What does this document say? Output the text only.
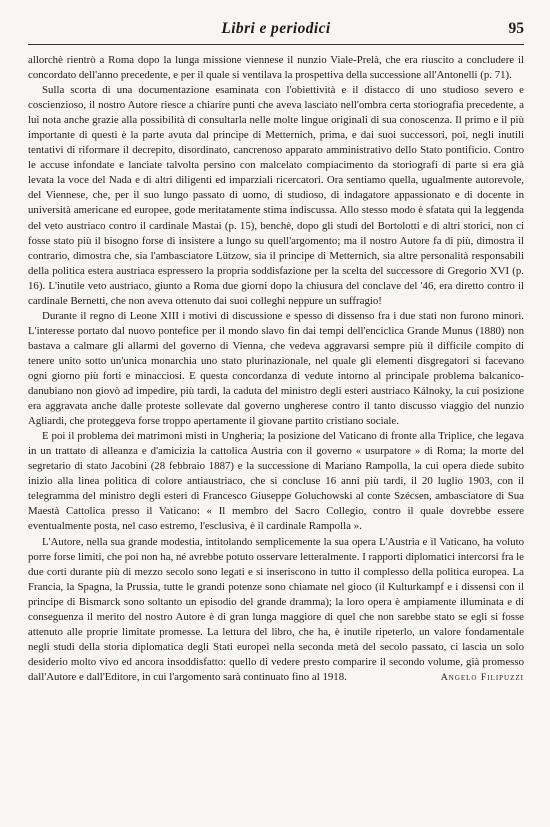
Libri e periodici	95

allorchè rientrò a Roma dopo la lunga missione viennese il nunzio Viale-Prelà, che era riuscito a concludere il concordato dell'anno precedente, e per il quale si ventilava la prospettiva della successione all'Antonelli (p. 71).

Sulla scorta di una documentazione esaminata con l'obiettività e il distacco di uno studioso severo e coscienzioso, il nostro Autore riesce a chiarire punti che aveva lasciato nell'ombra certa storiografia precedente, a lui nota anche grazie alla possibilità di consultarla nelle molte lingue originali di sua conoscenza. Il primo e il più importante di questi è la parte avuta dal principe di Metternich, prima, e dai suoi successori, poi, negli inutili tentativi di riformare il decrepito, disordinato, cancrenoso apparato amministrativo dello Stato pontificio. Contro le accuse infondate e lanciate talvolta persino con malcelato compiacimento da storiografi di parte si era già levata la voce del Nada e di altri diligenti ed imparziali ricercatori. Ora sentiamo quella, ugualmente autorevole, del Viennese, che, per il suo lungo passato di uomo, di studioso, di indagatore appassionato e di docente in università americane ed europee, gode meritatamente stima indiscussa. Allo stesso modo è sfatata qui la leggenda del veto austriaco contro il cardinale Mastai (p. 15), benchè, dopo gli studi del Bortolotti e di altri storici, non ci fosse stato più il bisogno forse di insistere a lungo su quell'argomento; ma il nostro Autore fa di più, dimostra il contrario, dimostra che, sia l'ambasciatore Lützow, sia il principe di Metternich, sia altre personalità responsabili della politica estera austriaca espressero la propria soddisfazione per la scelta del successore di Gregorio XVI (p. 16). L'inutile veto austriaco, giunto a Roma due giorni dopo la chiusura del conclave del '46, era diretto contro il cardinale Bernetti, che non aveva ottenuto dai suoi colleghi neppure un suffragio!

Durante il regno di Leone XIII i motivi di discussione e spesso di dissenso fra i due stati non furono minori. L'interesse portato dal nuovo pontefice per il mondo slavo fin dai tempi dell'enciclica Grande Munus (1880) non bastava a calmare gli allarmi del governo di Vienna, che vedeva aggravarsi sempre più il difficile compito di tenere unito sotto un'unica monarchia uno stato plurinazionale, nel quale gli elementi disgregatori si facevano ogni giorno più forti e minacciosi. E questa concordanza di vedute intorno al principale problema balcanico-danubiano non giovò ad impedire, più tardi, la caduta del ministro degli esteri austriaco Kálnoky, la cui posizione era aggravata anche dalle proteste sollevate dal governo ungherese contro il tanto discusso viaggio del nunzio Agliardi, che proteggeva forse troppo apertamente il giovane partito cristiano sociale.

E poi il problema dei matrimoni misti in Ungheria; la posizione del Vaticano di fronte alla Triplice, che legava in un trattato di alleanza e d'amicizia la cattolica Austria con il governo « usurpatore » di Roma; la morte del segretario di stato Jacobini (28 febbraio 1887) e la successione di Mariano Rampolla, la cui opera diede subito inizio alla linea politica di colore antiaustriaco, che si concluse 16 anni più tardi, il 20 luglio 1903, con il telegramma del ministro degli esteri di Francesco Giuseppe Goluchowski al conte Szécsen, ambasciatore di Sua Maestà Cattolica presso il Vaticano: « Il membro del Sacro Collegio, contro il quale dovrebbe essere eventualmente posta, nel caso estremo, l'esclusiva, è il cardinale Rampolla ».

L'Autore, nella sua grande modestia, intitolando semplicemente la sua opera L'Austria e il Vaticano, ha voluto porre forse limiti, che poi non ha, né avrebbe potuto osservare letteralmente. I rapporti diplomatici intercorsi fra le due corti durante più di mezzo secolo sono legati e si inseriscono in tutto il complesso della politica europea. La Francia, la Spagna, la Prussia, tutte le grandi potenze sono chiamate nel gioco (il Kulturkampf e i dissensi con il principe di Bismarck sono soltanto un episodio del grande dramma); la loro opera è ampiamente illuminata e di conseguenza il merito del nostro Autore è di gran lunga maggiore di quel che non sarebbe stato se egli si fosse attenuto alle proprie limitate promesse. La lettura del libro, che ha, è inutile ripeterlo, un valore fondamentale negli studi della storia diplomatica degli Stati europei nella seconda metà del secolo passato, ci lascia un solo desiderio molto vivo ed ancora insoddisfatto: quello di vedere presto comparire il secondo volume, già promesso dall'Autore e dall'Editore, in cui l'argomento sarà continuato fino al 1918.	Angelo Filipuzzi
